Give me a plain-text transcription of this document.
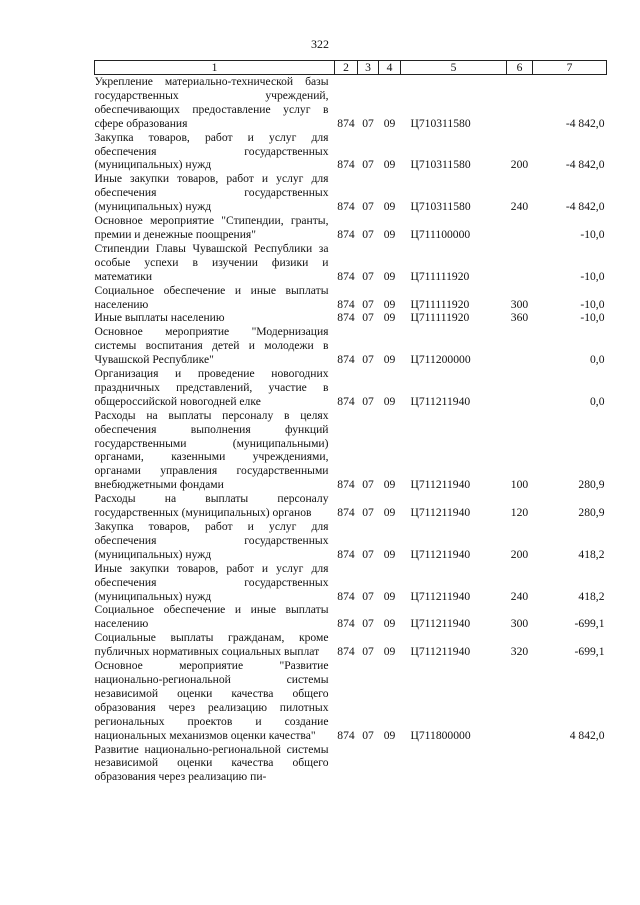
322
1	2	3	4	5	6	7
Укрепление материально-технической базы государственных учреждений, обеспечивающих предоставление услуг в сфере образования	874	07	09	Ц710311580		-4 842,0
Закупка товаров, работ и услуг для обеспечения государственных (муниципальных) нужд	874	07	09	Ц710311580	200	-4 842,0
Иные закупки товаров, работ и услуг для обеспечения государственных (муниципальных) нужд	874	07	09	Ц710311580	240	-4 842,0
Основное мероприятие "Стипендии, гранты, премии и денежные поощрения"	874	07	09	Ц711100000		-10,0
Стипендии Главы Чувашской Республики за особые успехи в изучении физики и математики	874	07	09	Ц711111920		-10,0
Социальное обеспечение и иные выплаты населению	874	07	09	Ц711111920	300	-10,0
Иные выплаты населению	874	07	09	Ц711111920	360	-10,0
Основное мероприятие "Модернизация системы воспитания детей и молодежи в Чувашской Республике"	874	07	09	Ц711200000		0,0
Организация и проведение новогодних праздничных представлений, участие в общероссийской новогодней елке	874	07	09	Ц711211940		0,0
Расходы на выплаты персоналу в целях обеспечения выполнения функций государственными (муниципальными) органами, казенными учреждениями, органами управления государственными внебюджетными фондами	874	07	09	Ц711211940	100	280,9
Расходы на выплаты персоналу государственных (муниципальных) органов	874	07	09	Ц711211940	120	280,9
Закупка товаров, работ и услуг для обеспечения государственных (муниципальных) нужд	874	07	09	Ц711211940	200	418,2
Иные закупки товаров, работ и услуг для обеспечения государственных (муниципальных) нужд	874	07	09	Ц711211940	240	418,2
Социальное обеспечение и иные выплаты населению	874	07	09	Ц711211940	300	-699,1
Социальные выплаты гражданам, кроме публичных нормативных социальных выплат	874	07	09	Ц711211940	320	-699,1
Основное мероприятие "Развитие национально-региональной системы независимой оценки качества общего образования через реализацию пилотных региональных проектов и создание национальных механизмов оценки качества"	874	07	09	Ц711800000		4 842,0
Развитие национально-региональной системы независимой оценки качества общего образования через реализацию пи-						
